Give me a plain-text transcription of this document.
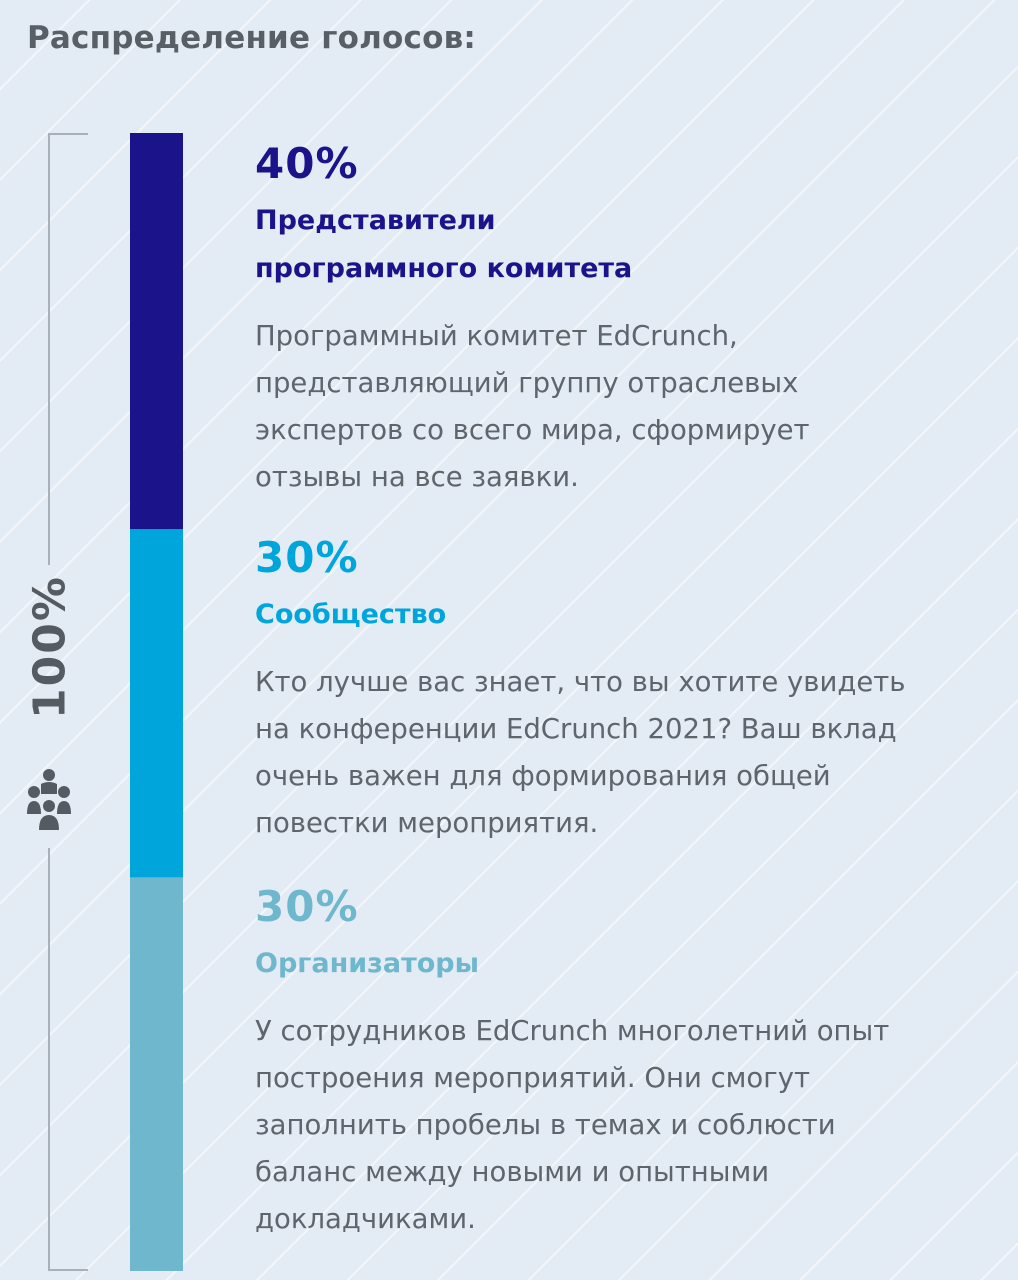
Распределение голосов:
100%
40%
Представители
программного комитета
Программный комитет EdCrunch,
представляющий группу отраслевых
экспертов со всего мира, сформирует
отзывы на все заявки.
30%
Сообщество
Кто лучше вас знает, что вы хотите увидеть
на конференции EdCrunch 2021? Ваш вклад
очень важен для формирования общей
повестки мероприятия.
30%
Организаторы
У сотрудников EdCrunch многолетний опыт
построения мероприятий. Они смогут
заполнить пробелы в темах и соблюсти
баланс между новыми и опытными
докладчиками.
